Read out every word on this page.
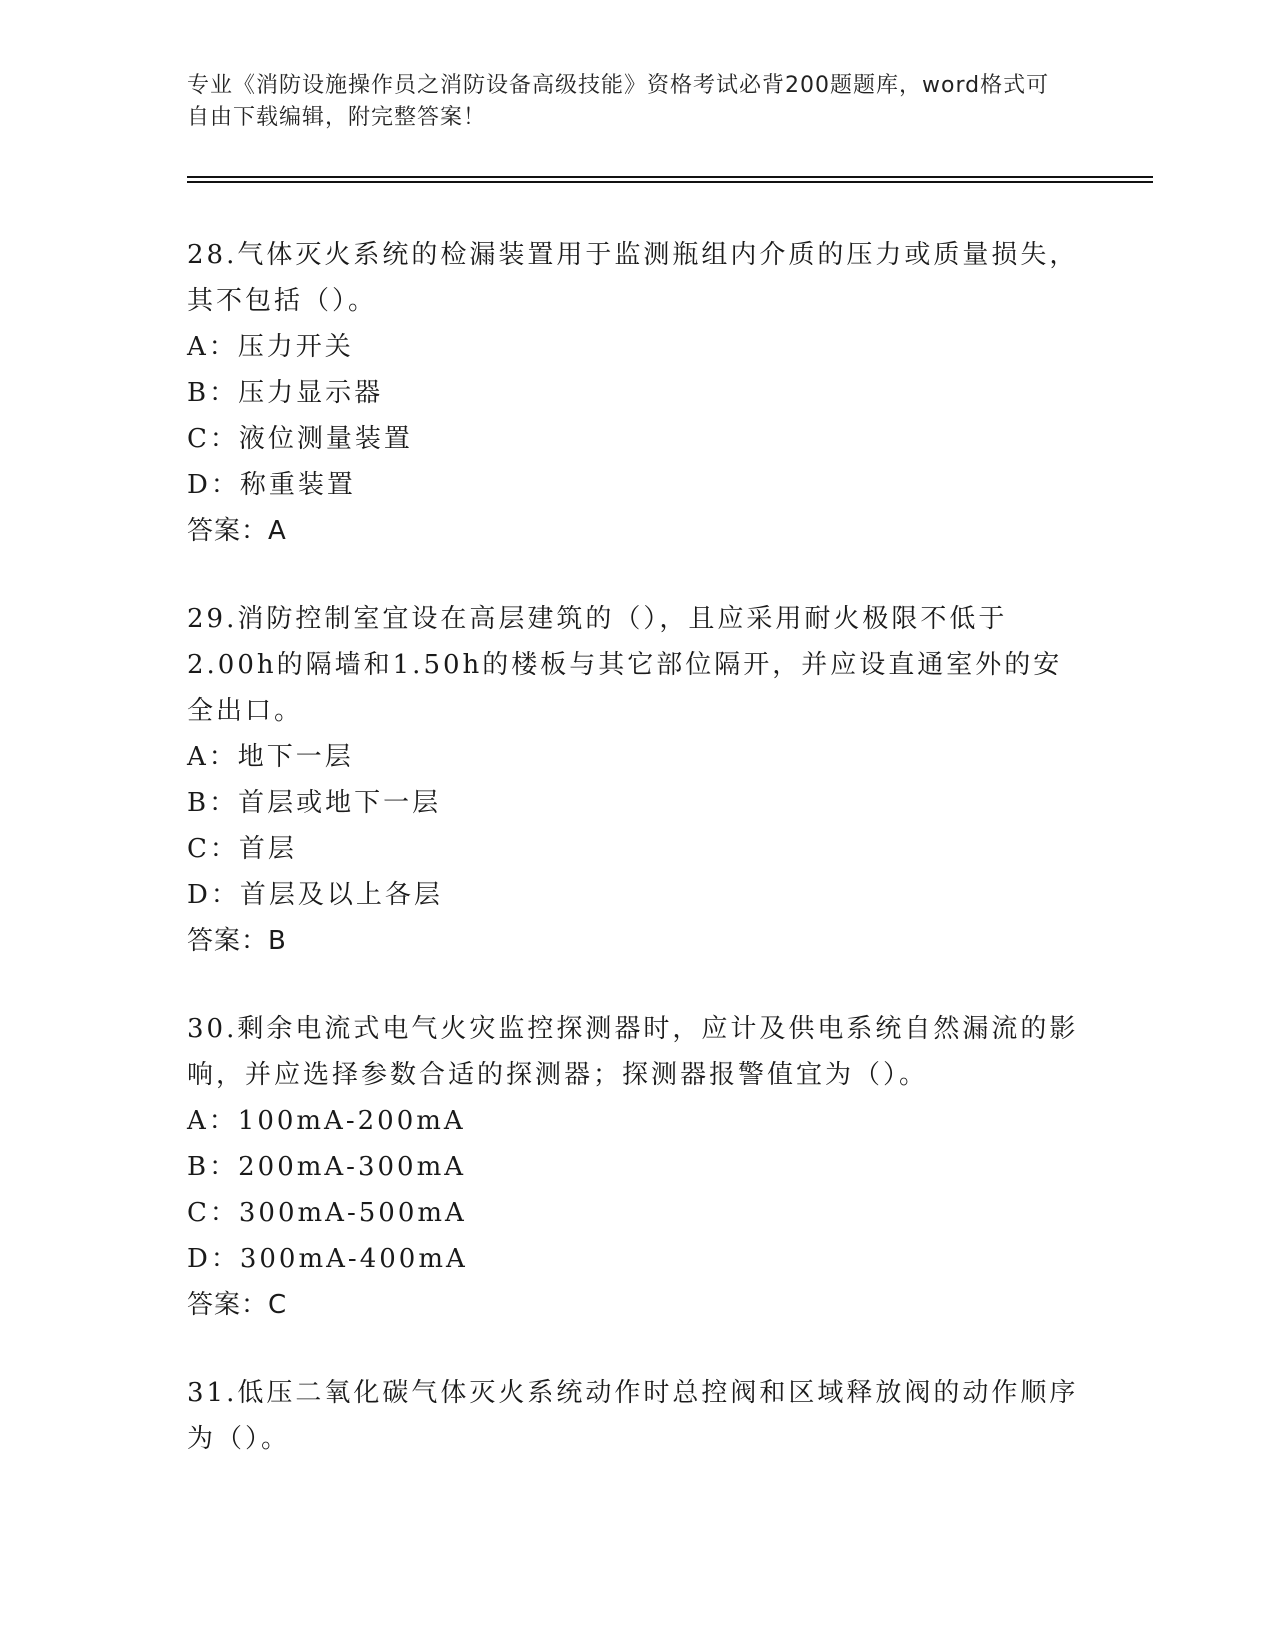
专业《消防设施操作员之消防设备高级技能》资格考试必背200题题库，word格式可自由下载编辑，附完整答案！

28.气体灭火系统的检漏装置用于监测瓶组内介质的压力或质量损失，其不包括（）。

A：压力开关

B：压力显示器

C：液位测量装置

D：称重装置

答案：A

29.消防控制室宜设在高层建筑的（），且应采用耐火极限不低于2.00h的隔墙和1.50h的楼板与其它部位隔开，并应设直通室外的安全出口。

A：地下一层

B：首层或地下一层

C：首层

D：首层及以上各层

答案：B

30.剩余电流式电气火灾监控探测器时，应计及供电系统自然漏流的影响，并应选择参数合适的探测器；探测器报警值宜为（）。

A：100mA-200mA

B：200mA-300mA

C：300mA-500mA

D：300mA-400mA

答案：C

31.低压二氧化碳气体灭火系统动作时总控阀和区域释放阀的动作顺序为（）。
